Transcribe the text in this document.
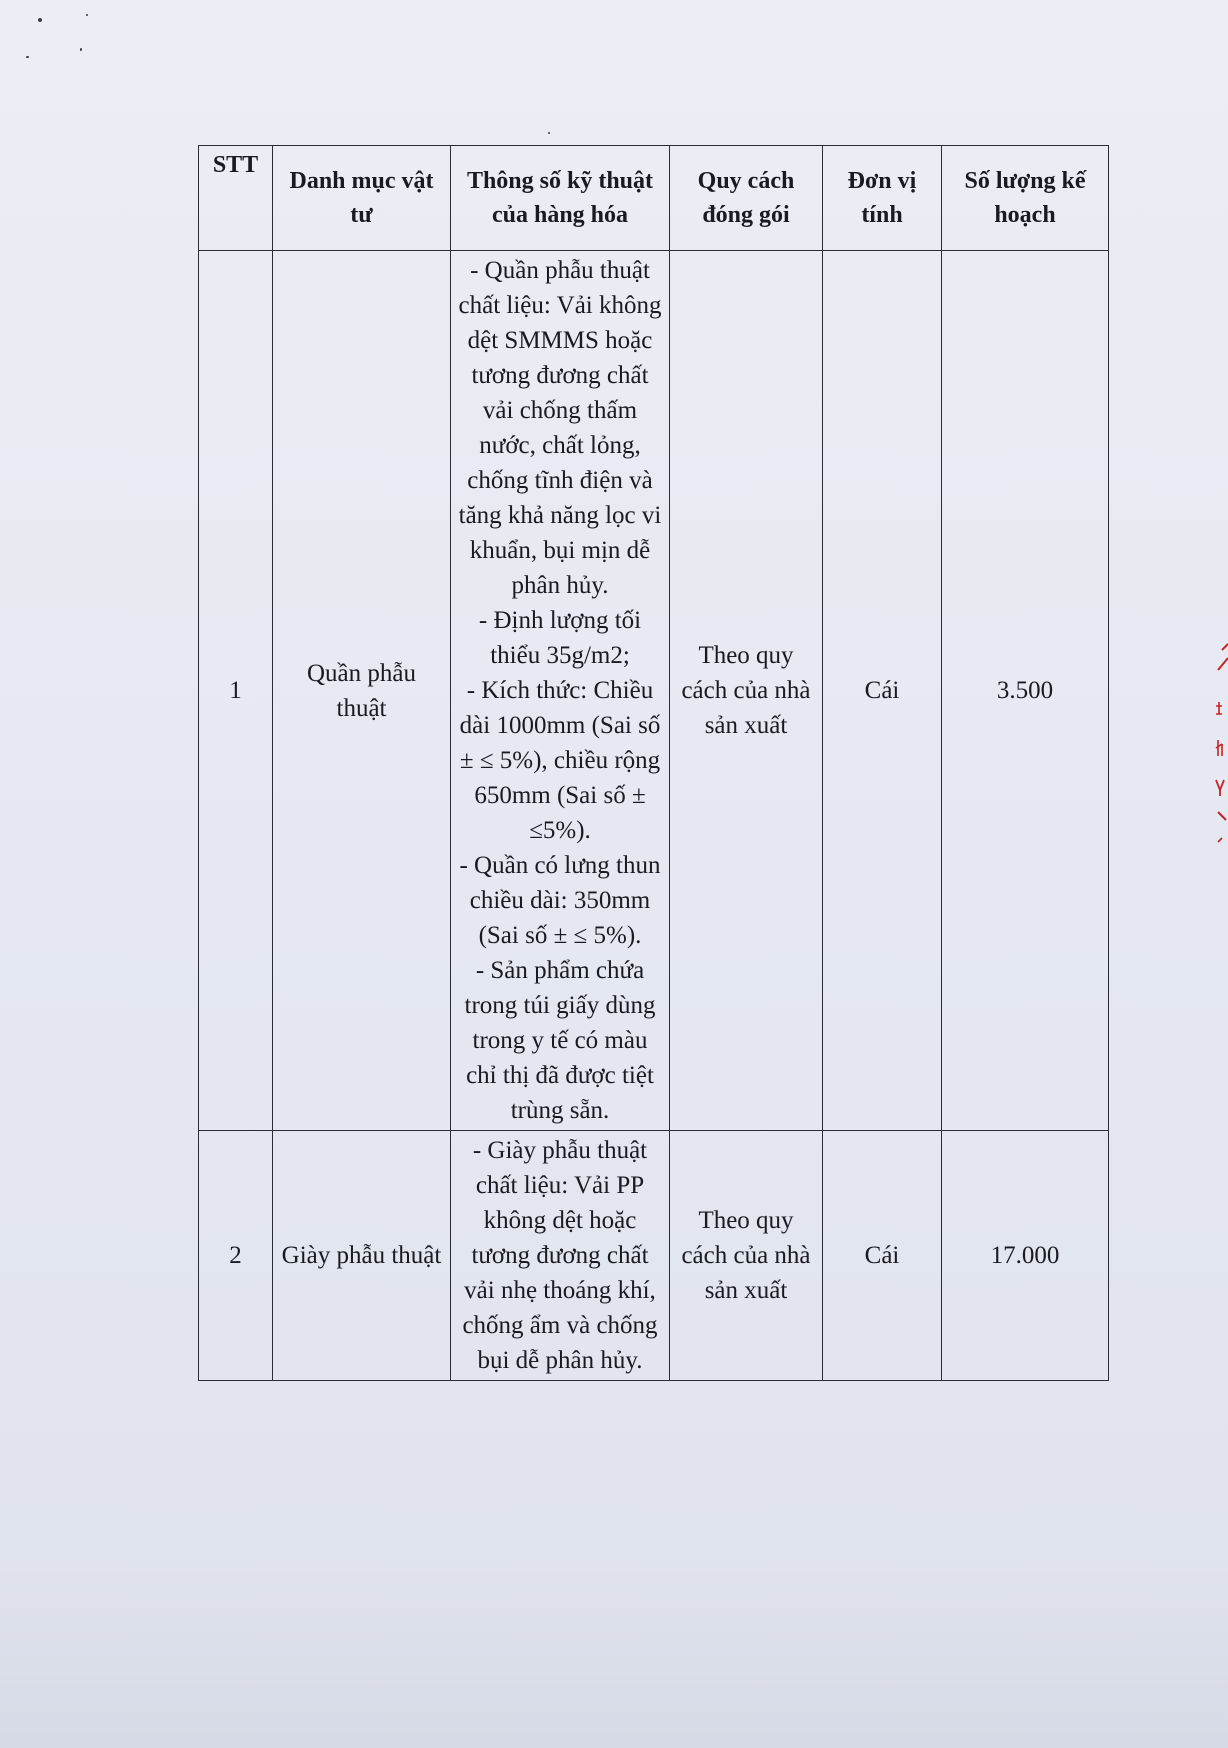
STT	Danh mục vật tư	Thông số kỹ thuật của hàng hóa	Quy cách đóng gói	Đơn vị tính	Số lượng kế hoạch
1	Quần phẫu thuật	- Quần phẫu thuật chất liệu: Vải không dệt SMMMS hoặc tương đương chất vải chống thấm nước, chất lỏng, chống tĩnh điện và tăng khả năng lọc vi khuẩn, bụi mịn dễ phân hủy.
- Định lượng tối thiểu 35g/m2;
- Kích thức: Chiều dài 1000mm (Sai số ± ≤ 5%), chiều rộng 650mm (Sai số ± ≤5%).
- Quần có lưng thun chiều dài: 350mm (Sai số ± ≤ 5%).
- Sản phẩm chứa trong túi giấy dùng trong y tế có màu chỉ thị đã được tiệt trùng sẵn.	Theo quy cách của nhà sản xuất	Cái	3.500
2	Giày phẫu thuật	- Giày phẫu thuật chất liệu: Vải PP không dệt hoặc tương đương chất vải nhẹ thoáng khí, chống ẩm và chống bụi dễ phân hủy.	Theo quy cách của nhà sản xuất	Cái	17.000
